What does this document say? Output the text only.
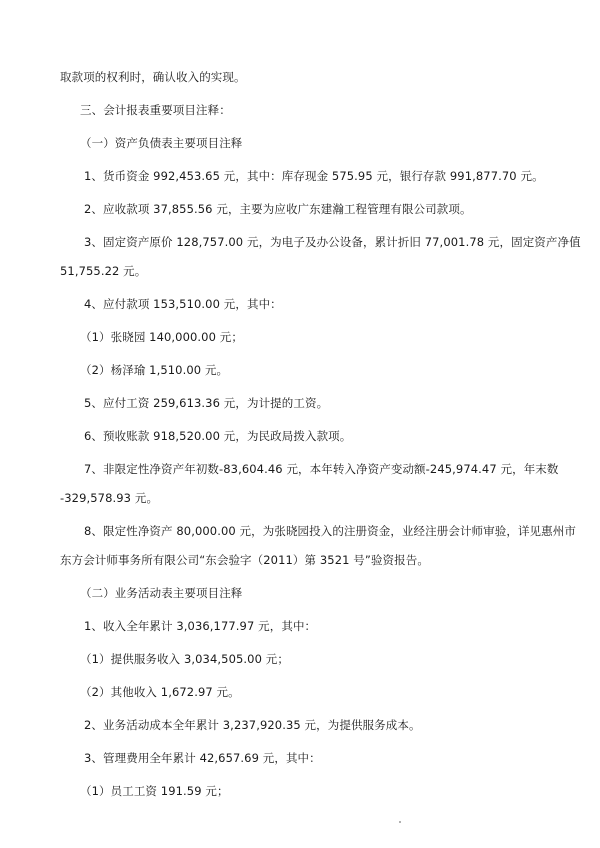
取款项的权利时，确认收入的实现。
三、会计报表重要项目注释：
（一）资产负债表主要项目注释
1、货币资金 992,453.65 元，其中：库存现金 575.95 元，银行存款 991,877.70 元。
2、应收款项 37,855.56 元，主要为应收广东建瀚工程管理有限公司款项。
3、固定资产原价 128,757.00 元，为电子及办公设备，累计折旧 77,001.78 元，固定资产净值
51,755.22 元。
4、应付款项 153,510.00 元，其中：
（1）张晓园 140,000.00 元；
（2）杨泽瑜 1,510.00 元。
5、应付工资 259,613.36 元，为计提的工资。
6、预收账款 918,520.00 元，为民政局拨入款项。
7、非限定性净资产年初数-83,604.46 元，本年转入净资产变动额-245,974.47 元，年末数
-329,578.93 元。
8、限定性净资产 80,000.00 元，为张晓园投入的注册资金，业经注册会计师审验，详见惠州市
东方会计师事务所有限公司“东会验字（2011）第 3521 号”验资报告。
（二）业务活动表主要项目注释
1、收入全年累计 3,036,177.97 元，其中：
（1）提供服务收入 3,034,505.00 元；
（2）其他收入 1,672.97 元。
2、业务活动成本全年累计 3,237,920.35 元，为提供服务成本。
3、管理费用全年累计 42,657.69 元，其中：
（1）员工工资 191.59 元；
